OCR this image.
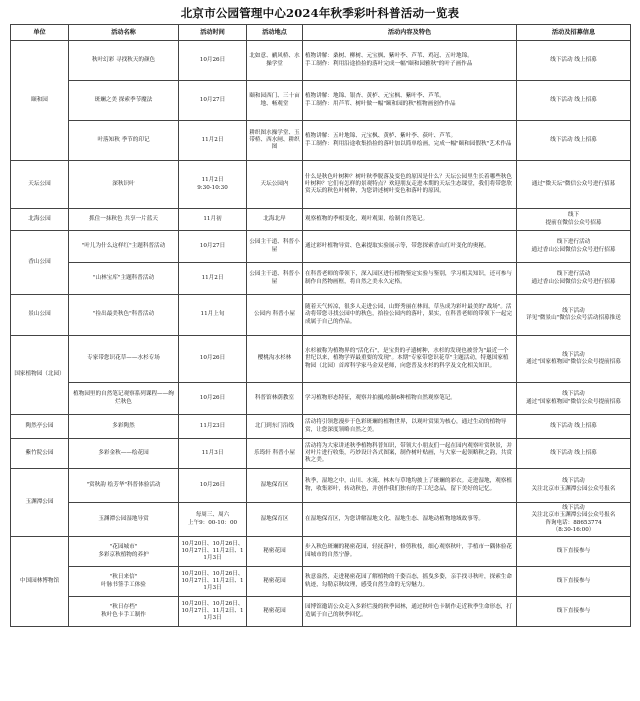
北京市公园管理中心2024年秋季彩叶科普活动一览表
单位	活动名称	活动时间	活动地点	活动内容及特色	活动及招募信息
颐和园	秋叶幻彩 寻找秋天的颜色	10月26日	北如意、鹂风桥、水操学堂	植物讲解：桑树、柳树、元宝枫、紫叶李、芦苇、鸡冠、五叶地锦。
手工制作：利用沿途拾捡的落叶完成一幅"颐和园雅秋"的叶子画作品	线下活动 线上招募
	斑斓之美 探索季节魔法	10月27日	颐和园西门、三十亩地、畅观堂	植物讲解：地锦、银杏、黄栌、元宝枫、紫叶李、芦苇。
手工制作：用芦苇、树叶做一幅"颐和园的秋"植物画创作作品	线下活动 线上招募
	叶落知秋 季节的印记	11月2日	耕织图水操学堂、玉带桥、西水闸、耕织图	植物讲解：五叶地锦、元宝枫、黄栌、紫叶李、荻叶、芦苇。
手工制作：利用沿途收集拾捡的落叶加以简单绘画，完成一幅"颐和园假秋"艺术作品	线下活动 线上招募
天坛公园	深秋识叶	11月2日
9:30-10:30	天坛公园内	什么是秋色叶树种？树叶秋季脱落及变色的原因是什么？天坛公园里生长着哪些秋色叶树种？它们有怎样的景观特点？欢迎朋友走进本期的天坛生态课堂，我们将带您欣赏天坛的秋色叶树种，为您讲述树叶变色和落叶的原因。	通过"微天坛"微信公众号进行招募
北海公园	抓住一抹秋色 共享一片蓝天	11月初	北海北岸	观察植物的季相变化，观叶观果，绘制自然笔记。	线下
提前在微信公众号招募
香山公园	"叶儿为什么这样红"主题科普活动	10月27日	公园主干道、科普小屋	通过彩叶植物导赏、色素提取实验展示等，带您探索香山红叶变化的奥秘。	线下进行活动
通过香山公园微信公众号进行招募
	"山林宝库"主题科普活动	11月2日	公园主干道、科普小屋	在科普老师的带领下，深入园区进行植物鉴定实验与鉴别，学习相关知识，还可参与制作自然物画框，将自然之美永久定格。	线下进行活动
通过香山公园微信公众号进行招募
景山公园	"捡出最美秋色"科普活动	11月上旬	公园内 科普小屋	随着天气转凉，很多人走进公园，山野秀丽在林间，草丛成为彩叶最美的"战场"。活动将带您寻找公园中的秋色，拾捡公园内的落叶，果实，在科普老师的带领下一起完成属于自己的作品。	线下活动
详见"微景山"微信公众号活动招募推送
国家植物园（北园）	专家带您识花草——水杉专场	10月26日	樱桃沟水杉林	水杉被称为植物界的"活化石"，是宝贵的孑遗树种，水杉的发现也被誉为"最近一个世纪以来，植物学界最重要的发现"。本期"专家带您识花草"主题活动，特邀国家植物园（北园）首席科学家马金双老师，向您普及水杉的科学及文化相关知识。	线下活动
通过"国家植物园"微信公众号提前招募
	植物园里的自然笔记观察系列课程——绚烂秋色	10月26日	科普馆林荫教室	学习植物形态特征，观察并拍摄/绘制6种植物自然观察笔记。	线下活动
通过"国家植物园"微信公众号提前招募
陶然亭公园	多彩陶然	11月23日	北门到东门沿线	活动将引领您漫步于色彩斑斓的植物世界，以观叶赏果为核心，通过生动的植物导赏，让您深度领略自然之美。	线下活动 线上招募
紫竹院公园	多彩金秋——绘花园	11月3日	乐筠轩 科普小屋	活动将为大家讲述秋季植物科普知识，带领大小朋友们一起在园内观察叶赏秋景，并对叶片进行收集，巧妙设计各式图案，制作树叶贴画，与大家一起领略秋之韵，共赏秋之美。	线下活动 线上招募
玉渊潭公园	"赏秋韵 绘芳华"科普体验活动	10月26日	湿地保育区	秋季，湿地之中，山川、水流、林木与草地均披上了斑斓的彩衣。走进湿地，观察植物，收集彩叶，转动秋色，并创作我们独有的手工纪念品，留下美好的记忆。	线下活动
关注北京市玉渊潭公园公众号报名
	玉渊潭公园湿地导赏	每周三、周六
上午9：00-10：00	湿地保育区	在湿地保育区，为您讲解湿地文化、湿地生态、湿地动植物地域故事等。	线下活动
关注北京市玉渊潭公园公众号报名
咨询电话：88653774
（8:30-16:00）
中国园林博物馆	"花园城市"
多彩京秋植物的养护	10月20日、10月26日、10月27日、11月2日、11月3日	秘密花园	步入秋色斑斓的秘密花园，轻抚落叶，修剪秋枝，细心观察秋叶，手植市一隅体验花园城市的自然宁静。	线下直接参与
	"秋日来信"
叶脉书签手工体验	10月20日、10月26日、10月27日、11月2日、11月3日	秘密花园	秋意盎然，走进秘密花园了解植物的千姿百态，摇曳多姿，亲手找寻秋叶，探索生命轨迹，勾勒京秋纹理，感受自然生命的无穷魅力。	线下直接参与
	"秋日存档"
秋叶色卡手工制作	10月20日、10月26日、10月27日、11月2日、11月3日	秘密花园	园博馆邀请公众走入多彩烂漫的秋季园林，通过秋叶色卡制作走近秋季生命形态，打造属于自己的秋季回忆。	线下直接参与
